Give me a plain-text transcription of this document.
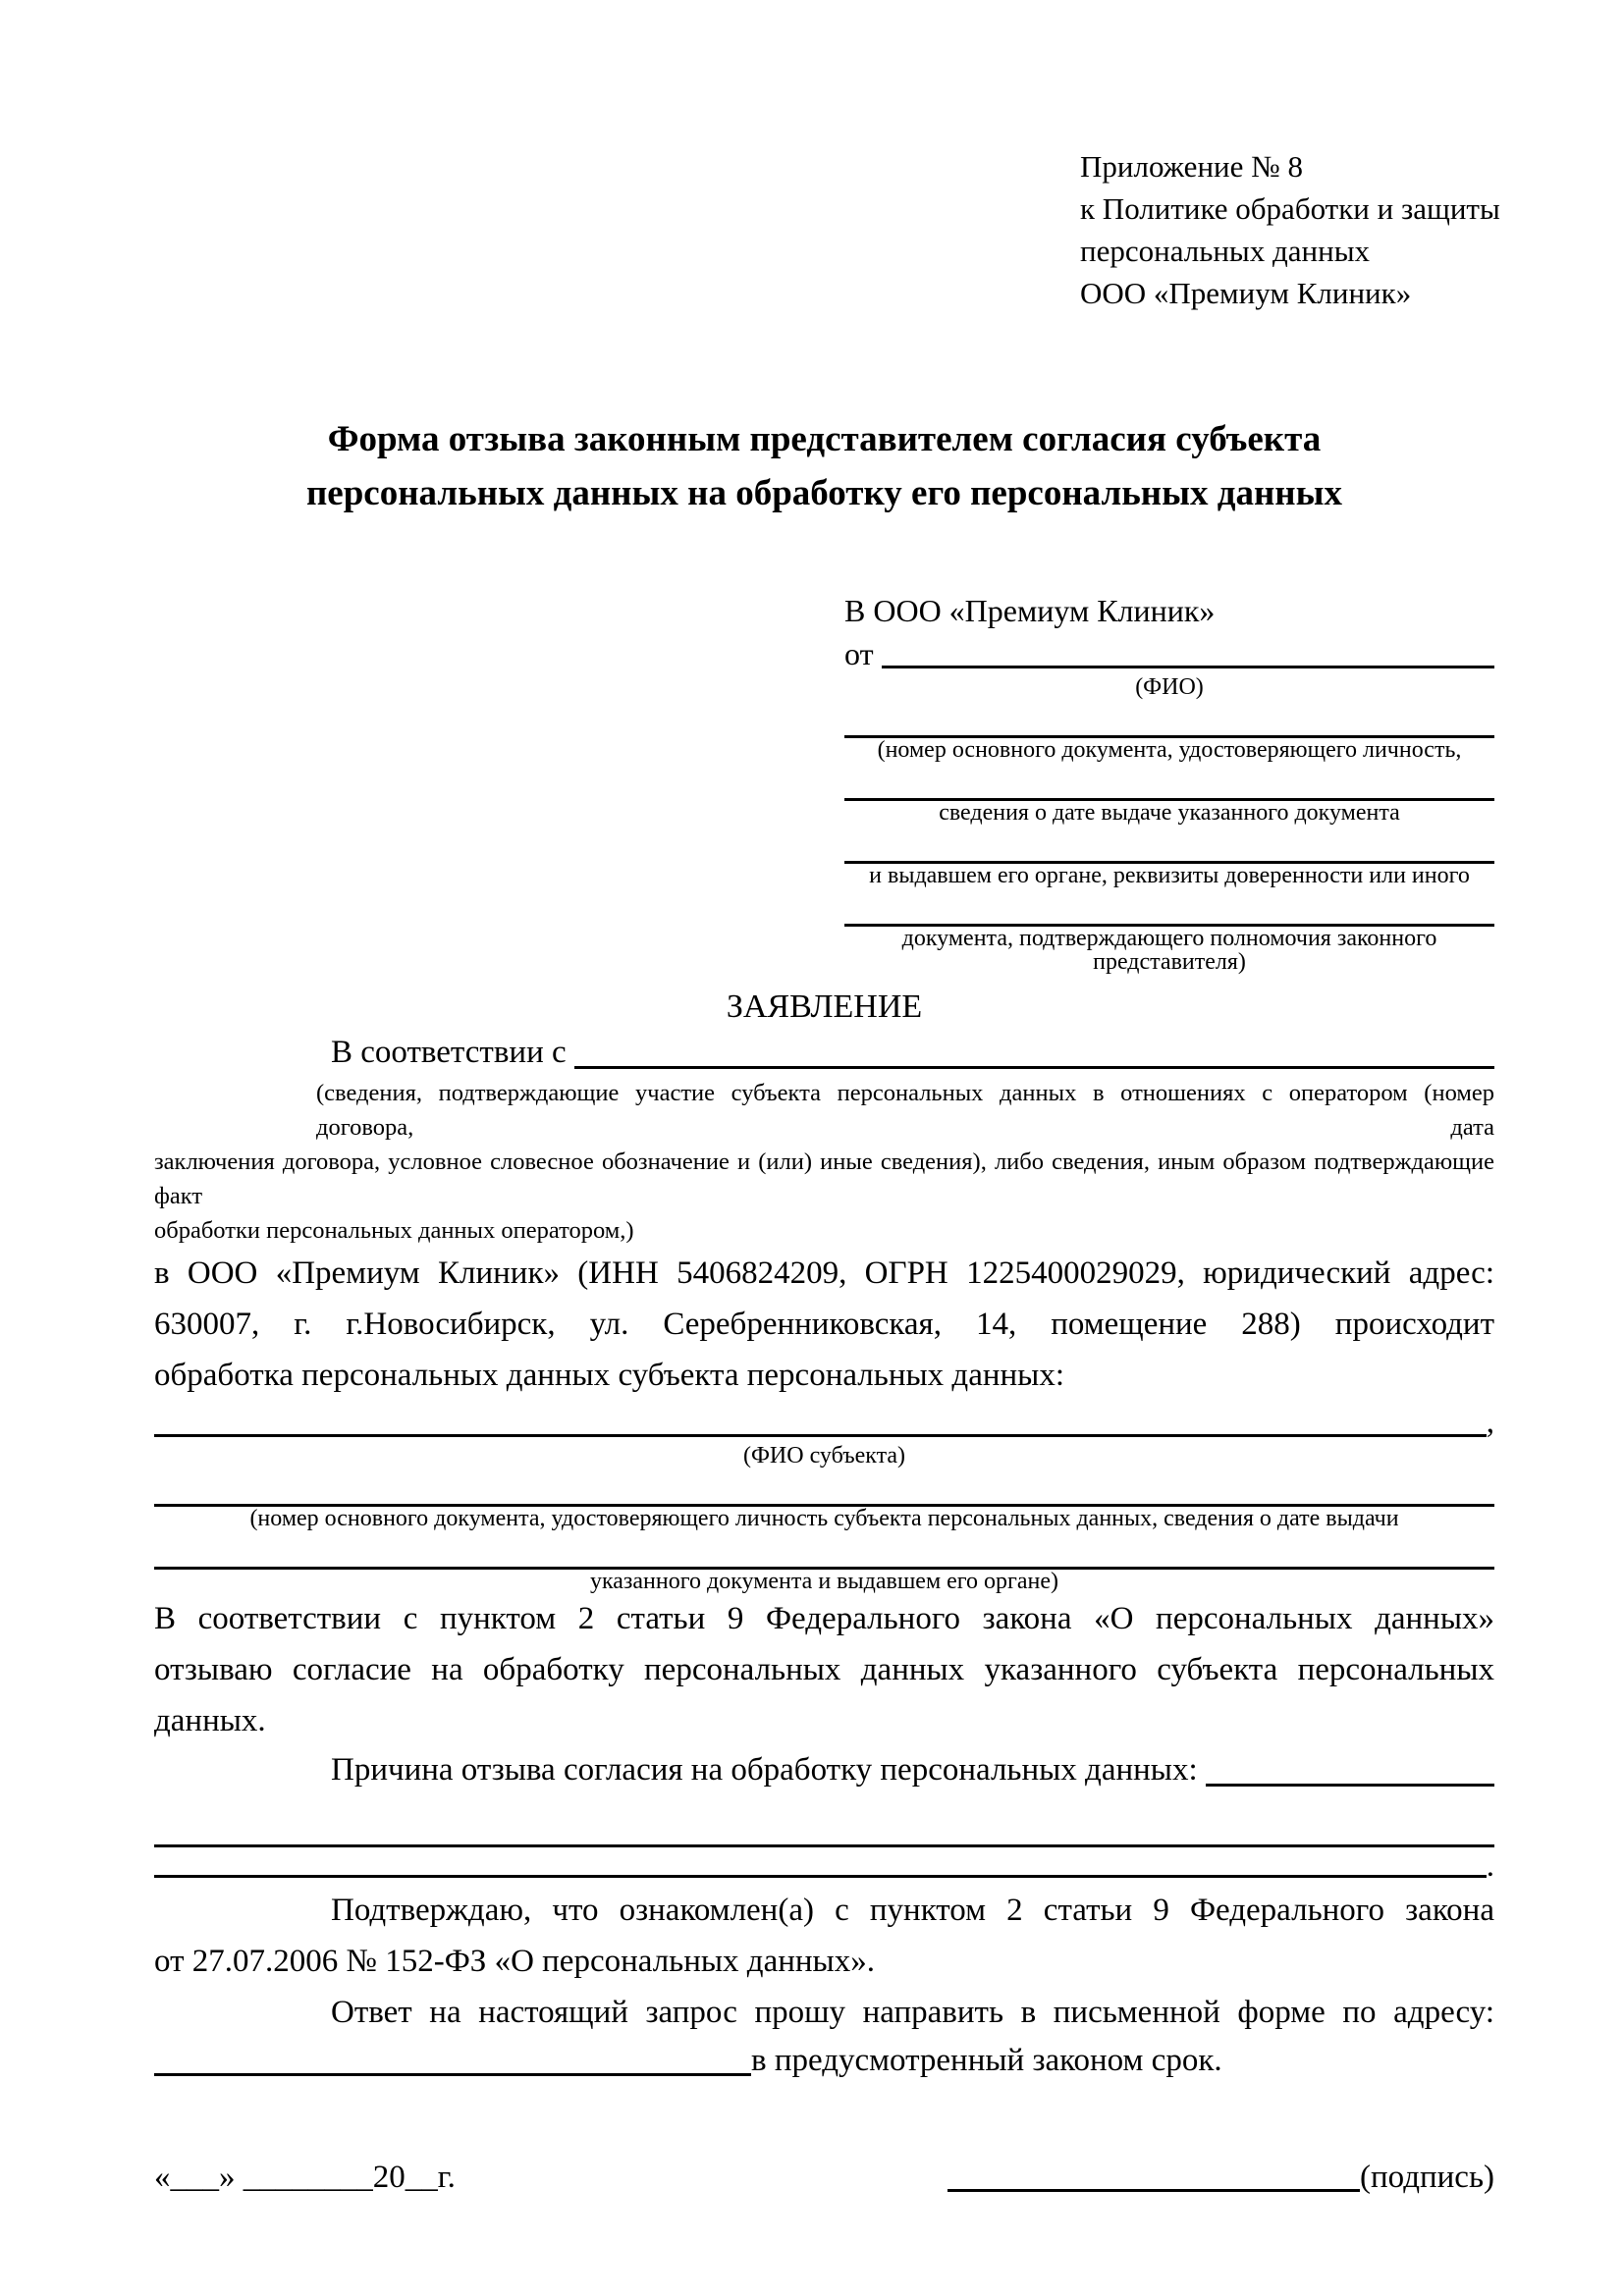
Приложение № 8
к Политике обработки и защиты
персональных данных
ООО «Премиум Клиник»
Форма отзыва законным представителем согласия субъекта персональных данных на обработку его персональных данных
В ООО «Премиум Клиник»
от
(ФИО)
(номер основного документа, удостоверяющего личность,
сведения о дате выдаче указанного документа
и выдавшем его органе, реквизиты доверенности или иного
документа, подтверждающего полномочия законного представителя)
ЗАЯВЛЕНИЕ
В соответствии с
(сведения, подтверждающие участие субъекта персональных данных в отношениях с оператором (номер договора, дата
заключения договора, условное словесное обозначение и (или) иные сведения), либо сведения, иным образом подтверждающие факт
обработки персональных данных оператором,)
в ООО «Премиум Клиник» (ИНН 5406824209, ОГРН 1225400029029, юридический адрес:
630007, г. г.Новосибирск, ул. Серебренниковская, 14, помещение 288) происходит
обработка персональных данных субъекта персональных данных:
,
(ФИО субъекта)
(номер основного документа, удостоверяющего личность субъекта персональных данных, сведения о дате выдачи
указанного документа и выдавшем его органе)
В соответствии с пунктом 2 статьи 9 Федерального закона «О персональных данных»
отзываю согласие на обработку персональных данных указанного субъекта персональных
данных.
Причина отзыва согласия на обработку персональных данных:
.
Подтверждаю, что ознакомлен(а) с пунктом 2 статьи 9 Федерального закона
от 27.07.2006 № 152-ФЗ «О персональных данных».
Ответ на настоящий запрос прошу направить в письменной форме по адресу:
в предусмотренный законом срок.
«___» ________20__г.	(подпись)
